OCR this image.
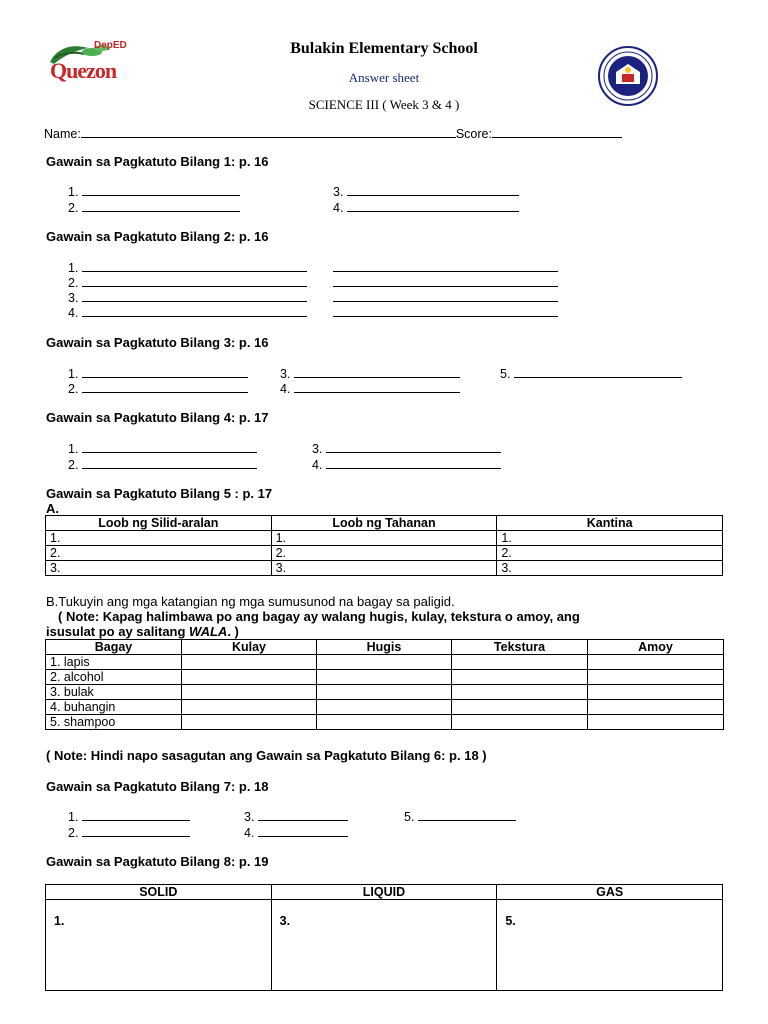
DepED
Quezon
Bulakin Elementary School
Answer sheet
SCIENCE III ( Week 3 & 4 )
Name:	Score:
Gawain sa Pagkatuto Bilang 1: p. 16
1.
2.
3.
4.
Gawain sa Pagkatuto Bilang 2: p. 16
1.
2.
3.
4.
Gawain sa Pagkatuto Bilang 3: p. 16
1.
2.
3.
4.
5.
Gawain sa Pagkatuto Bilang 4: p. 17
1.
2.
3.
4.
Gawain sa Pagkatuto Bilang 5 : p. 17
A.
Loob ng Silid-aralan	Loob ng Tahanan	Kantina
1.	1.	1.
2.	2.	2.
3.	3.	3.
B.Tukuyin ang mga katangian ng mga sumusunod na bagay sa paligid.
( Note: Kapag halimbawa po ang bagay ay walang hugis, kulay, tekstura o amoy, ang
isusulat po ay salitang WALA. )
Bagay	Kulay	Hugis	Tekstura	Amoy
1. lapis				
2. alcohol				
3. bulak				
4. buhangin				
5. shampoo				
( Note: Hindi napo sasagutan ang Gawain sa Pagkatuto Bilang 6: p. 18 )
Gawain sa Pagkatuto Bilang 7: p. 18
1.
2.
3.
4.
5.
Gawain sa Pagkatuto Bilang 8: p. 19
SOLID	LIQUID	GAS
1.	3.	5.
